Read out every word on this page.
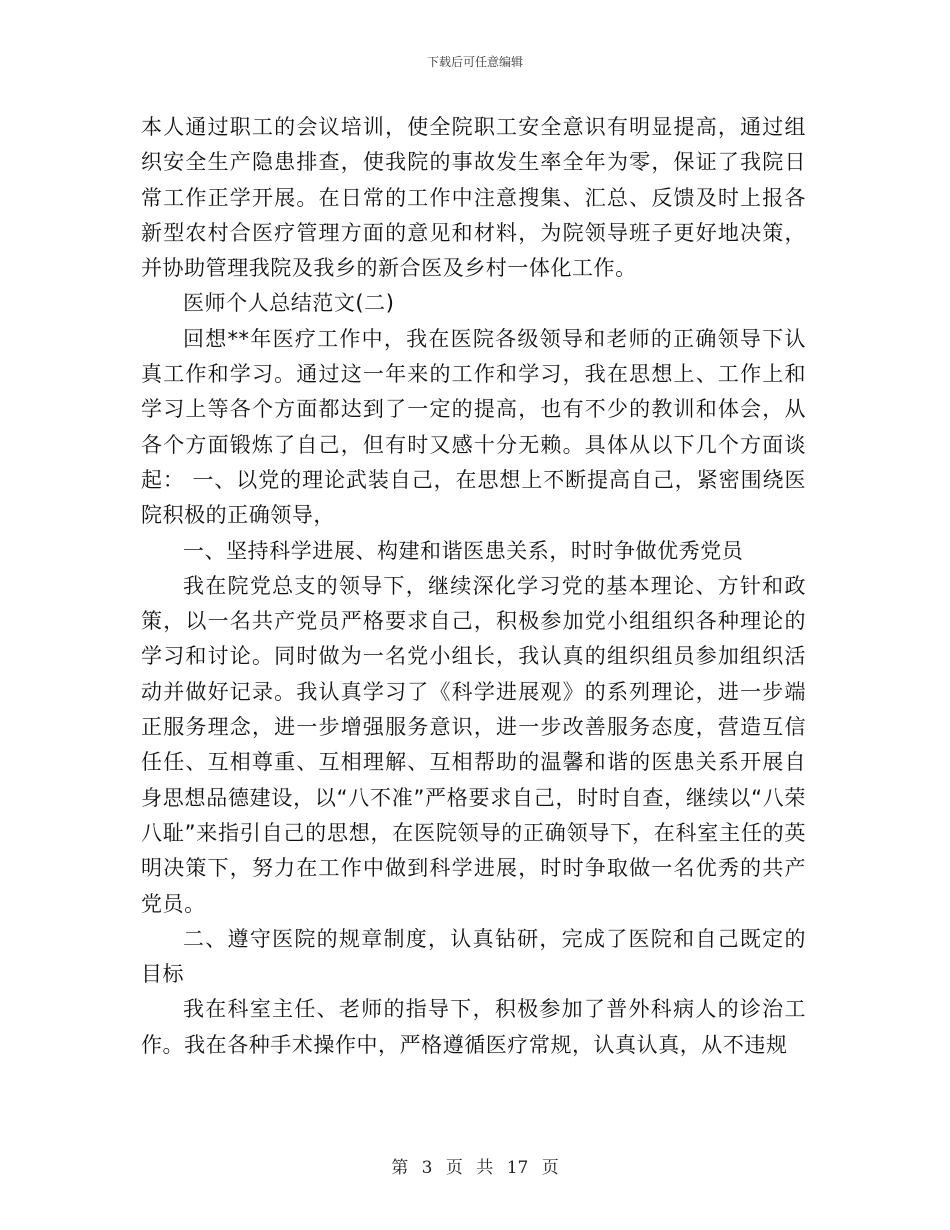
下载后可任意编辑

本人通过职工的会议培训，使全院职工安全意识有明显提高，通过组织安全生产隐患排查，使我院的事故发生率全年为零，保证了我院日常工作正学开展。在日常的工作中注意搜集、汇总、反馈及时上报各新型农村合医疗管理方面的意见和材料，为院领导班子更好地决策，并协助管理我院及我乡的新合医及乡村一体化工作。

医师个人总结范文(二)

回想**年医疗工作中，我在医院各级领导和老师的正确领导下认真工作和学习。通过这一年来的工作和学习，我在思想上、工作上和学习上等各个方面都达到了一定的提高，也有不少的教训和体会，从各个方面锻炼了自己，但有时又感十分无赖。具体从以下几个方面谈起： 一、以党的理论武装自己，在思想上不断提高自己，紧密围绕医院积极的正确领导，

一、坚持科学进展、构建和谐医患关系，时时争做优秀党员

我在院党总支的领导下，继续深化学习党的基本理论、方针和政策，以一名共产党员严格要求自己，积极参加党小组组织各种理论的学习和讨论。同时做为一名党小组长，我认真的组织组员参加组织活动并做好记录。我认真学习了《科学进展观》的系列理论，进一步端正服务理念，进一步增强服务意识，进一步改善服务态度，营造互信任任、互相尊重、互相理解、互相帮助的温馨和谐的医患关系开展自身思想品德建设，以“八不准”严格要求自己，时时自查，继续以“八荣八耻”来指引自己的思想，在医院领导的正确领导下，在科室主任的英明决策下，努力在工作中做到科学进展，时时争取做一名优秀的共产党员。

二、遵守医院的规章制度，认真钻研，完成了医院和自己既定的目标

我在科室主任、老师的指导下，积极参加了普外科病人的诊治工作。我在各种手术操作中，严格遵循医疗常规，认真认真，从不违规

第 3 页 共 17 页
